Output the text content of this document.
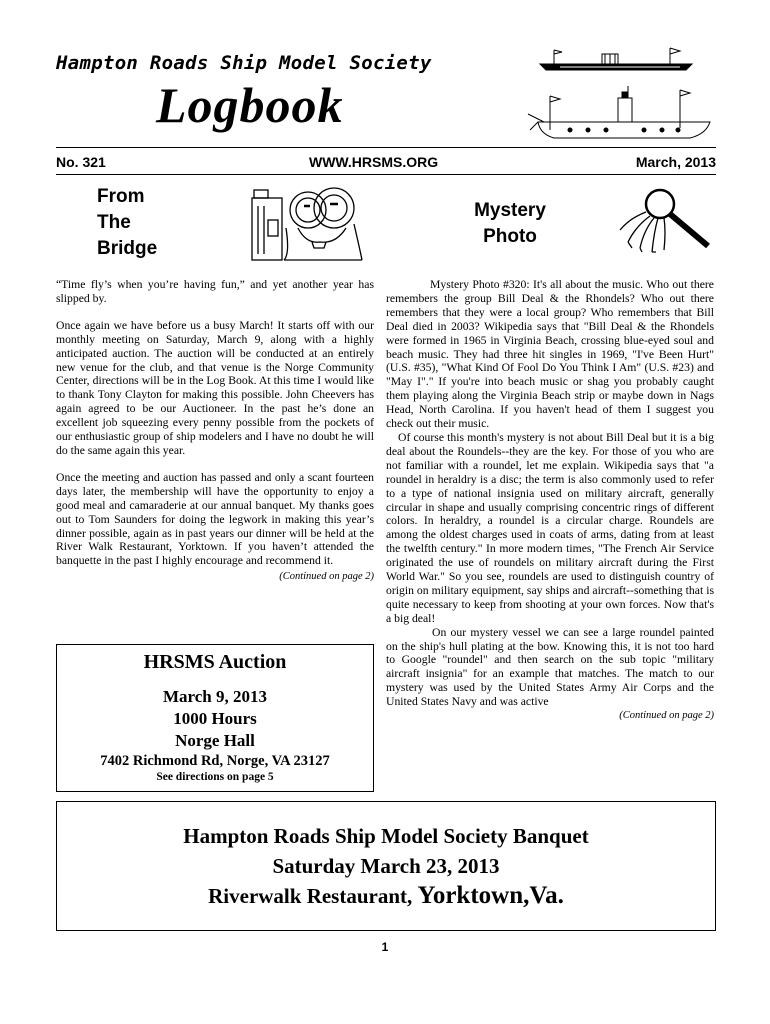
Hampton Roads Ship Model Society
Logbook
No. 321	WWW.HRSMS.ORG	March, 2013
From
The
Bridge
Mystery
Photo

“Time fly’s when you’re having fun,” and yet another year has slipped by.

Once again we have before us a busy March! It starts off with our monthly meeting on Saturday, March 9, along with a highly anticipated auction. The auction will be conducted at an entirely new venue for the club, and that venue is the Norge Community Center, directions will be in the Log Book. At this time I would like to thank Tony Clayton for making this possible. John Cheevers has again agreed to be our Auctioneer. In the past he’s done an excellent job squeezing every penny possible from the pockets of our enthusiastic group of ship modelers and I have no doubt he will do the same again this year.

Once the meeting and auction has passed and only a scant fourteen days later, the membership will have the opportunity to enjoy a good meal and camaraderie at our annual banquet. My thanks goes out to Tom Saunders for doing the legwork in making this year’s dinner possible, again as in past years our dinner will be held at the River Walk Restaurant, Yorktown. If you haven’t attended the banquette in the past I highly encourage and recommend it.

(Continued on page 2)

Mystery Photo #320: It's all about the music. Who out there remembers the group Bill Deal & the Rhondels? Who out there remembers that they were a local group? Who remembers that Bill Deal died in 2003? Wikipedia says that "Bill Deal & the Rhondels were formed in 1965 in Virginia Beach, crossing blue-eyed soul and beach music. They had three hit singles in 1969, "I've Been Hurt" (U.S. #35), "What Kind Of Fool Do You Think I Am" (U.S. #23) and "May I"." If you're into beach music or shag you probably caught them playing along the Virginia Beach strip or maybe down in Nags Head, North Carolina. If you haven't head of them I suggest you check out their music.

Of course this month's mystery is not about Bill Deal but it is a big deal about the Roundels--they are the key. For those of you who are not familiar with a roundel, let me explain. Wikipedia says that "a roundel in heraldry is a disc; the term is also commonly used to refer to a type of national insignia used on military aircraft, generally circular in shape and usually comprising concentric rings of different colors. In heraldry, a roundel is a circular charge. Roundels are among the oldest charges used in coats of arms, dating from at least the twelfth century." In more modern times, "The French Air Service originated the use of roundels on military aircraft during the First World War." So you see, roundels are used to distinguish country of origin on military equipment, say ships and aircraft--something that is quite necessary to keep from shooting at your own forces. Now that's a big deal!

On our mystery vessel we can see a large roundel painted on the ship's hull plating at the bow. Knowing this, it is not too hard to Google "roundel" and then search on the sub topic "military aircraft insignia" for an example that matches. The match to our mystery was used by the United States Army Air Corps and the United States Navy and was active

(Continued on page 2)

HRSMS Auction
March 9, 2013
1000 Hours
Norge Hall
7402 Richmond Rd, Norge, VA 23127
See directions on page 5
Hampton Roads Ship Model Society Banquet
Saturday March 23, 2013
Riverwalk Restaurant, Yorktown,Va.
1
